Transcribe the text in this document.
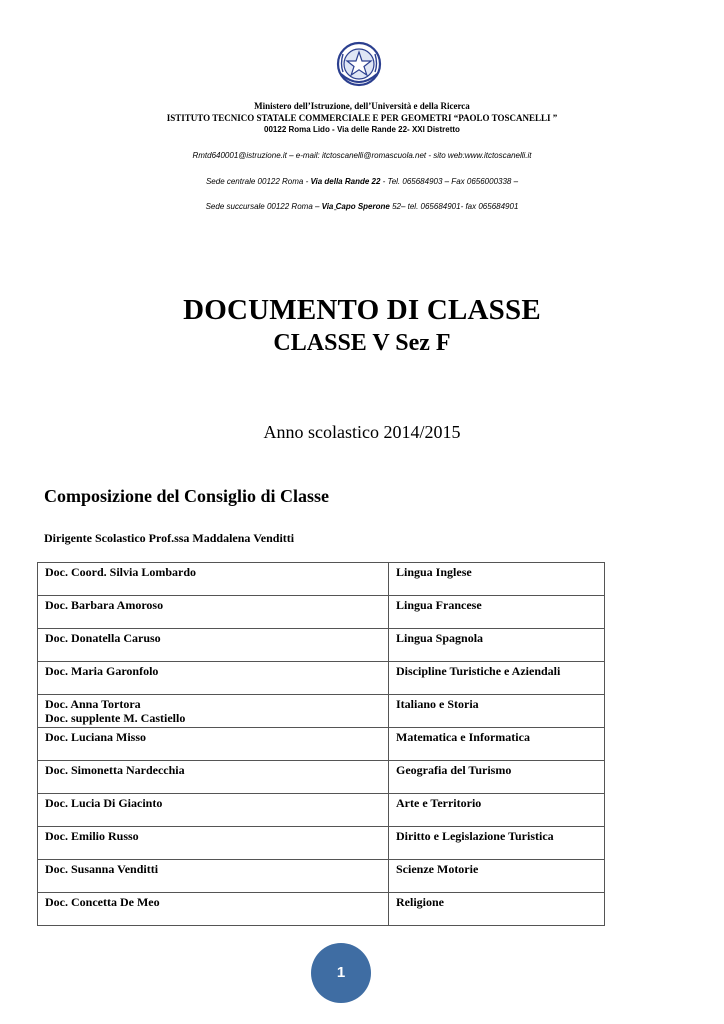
Ministero dell’Istruzione, dell’Università e della Ricerca
ISTITUTO TECNICO STATALE COMMERCIALE E PER GEOMETRI “PAOLO TOSCANELLI ”
00122 Roma Lido - Via delle Rande 22- XXI Distretto
Rmtd640001@istruzione.it – e-mail: itctoscanelli@romascuola.net - sito web:www.itctoscanelli.it
Sede centrale 00122 Roma - Via della Rande 22 - Tel. 065684903 – Fax 0656000338 –
Sede succursale 00122 Roma – Via ̱Capo Sperone 52– tel. 065684901- fax 065684901
DOCUMENTO DI CLASSE
CLASSE V Sez F
Anno scolastico 2014/2015
Composizione del Consiglio di Classe
Dirigente Scolastico Prof.ssa Maddalena Venditti
Doc. Coord. Silvia Lombardo	Lingua Inglese
Doc. Barbara Amoroso	Lingua Francese
Doc. Donatella Caruso	Lingua Spagnola
Doc. Maria Garonfolo	Discipline Turistiche e Aziendali

Doc. Anna Tortora
Doc. supplente M. Castiello	Italiano e Storia
Doc. Luciana Misso	Matematica e Informatica
Doc. Simonetta Nardecchia	Geografia del Turismo
Doc. Lucia Di Giacinto	Arte e Territorio
Doc. Emilio Russo	Diritto e Legislazione Turistica
Doc. Susanna Venditti	Scienze Motorie
Doc. Concetta De Meo	Religione
1
